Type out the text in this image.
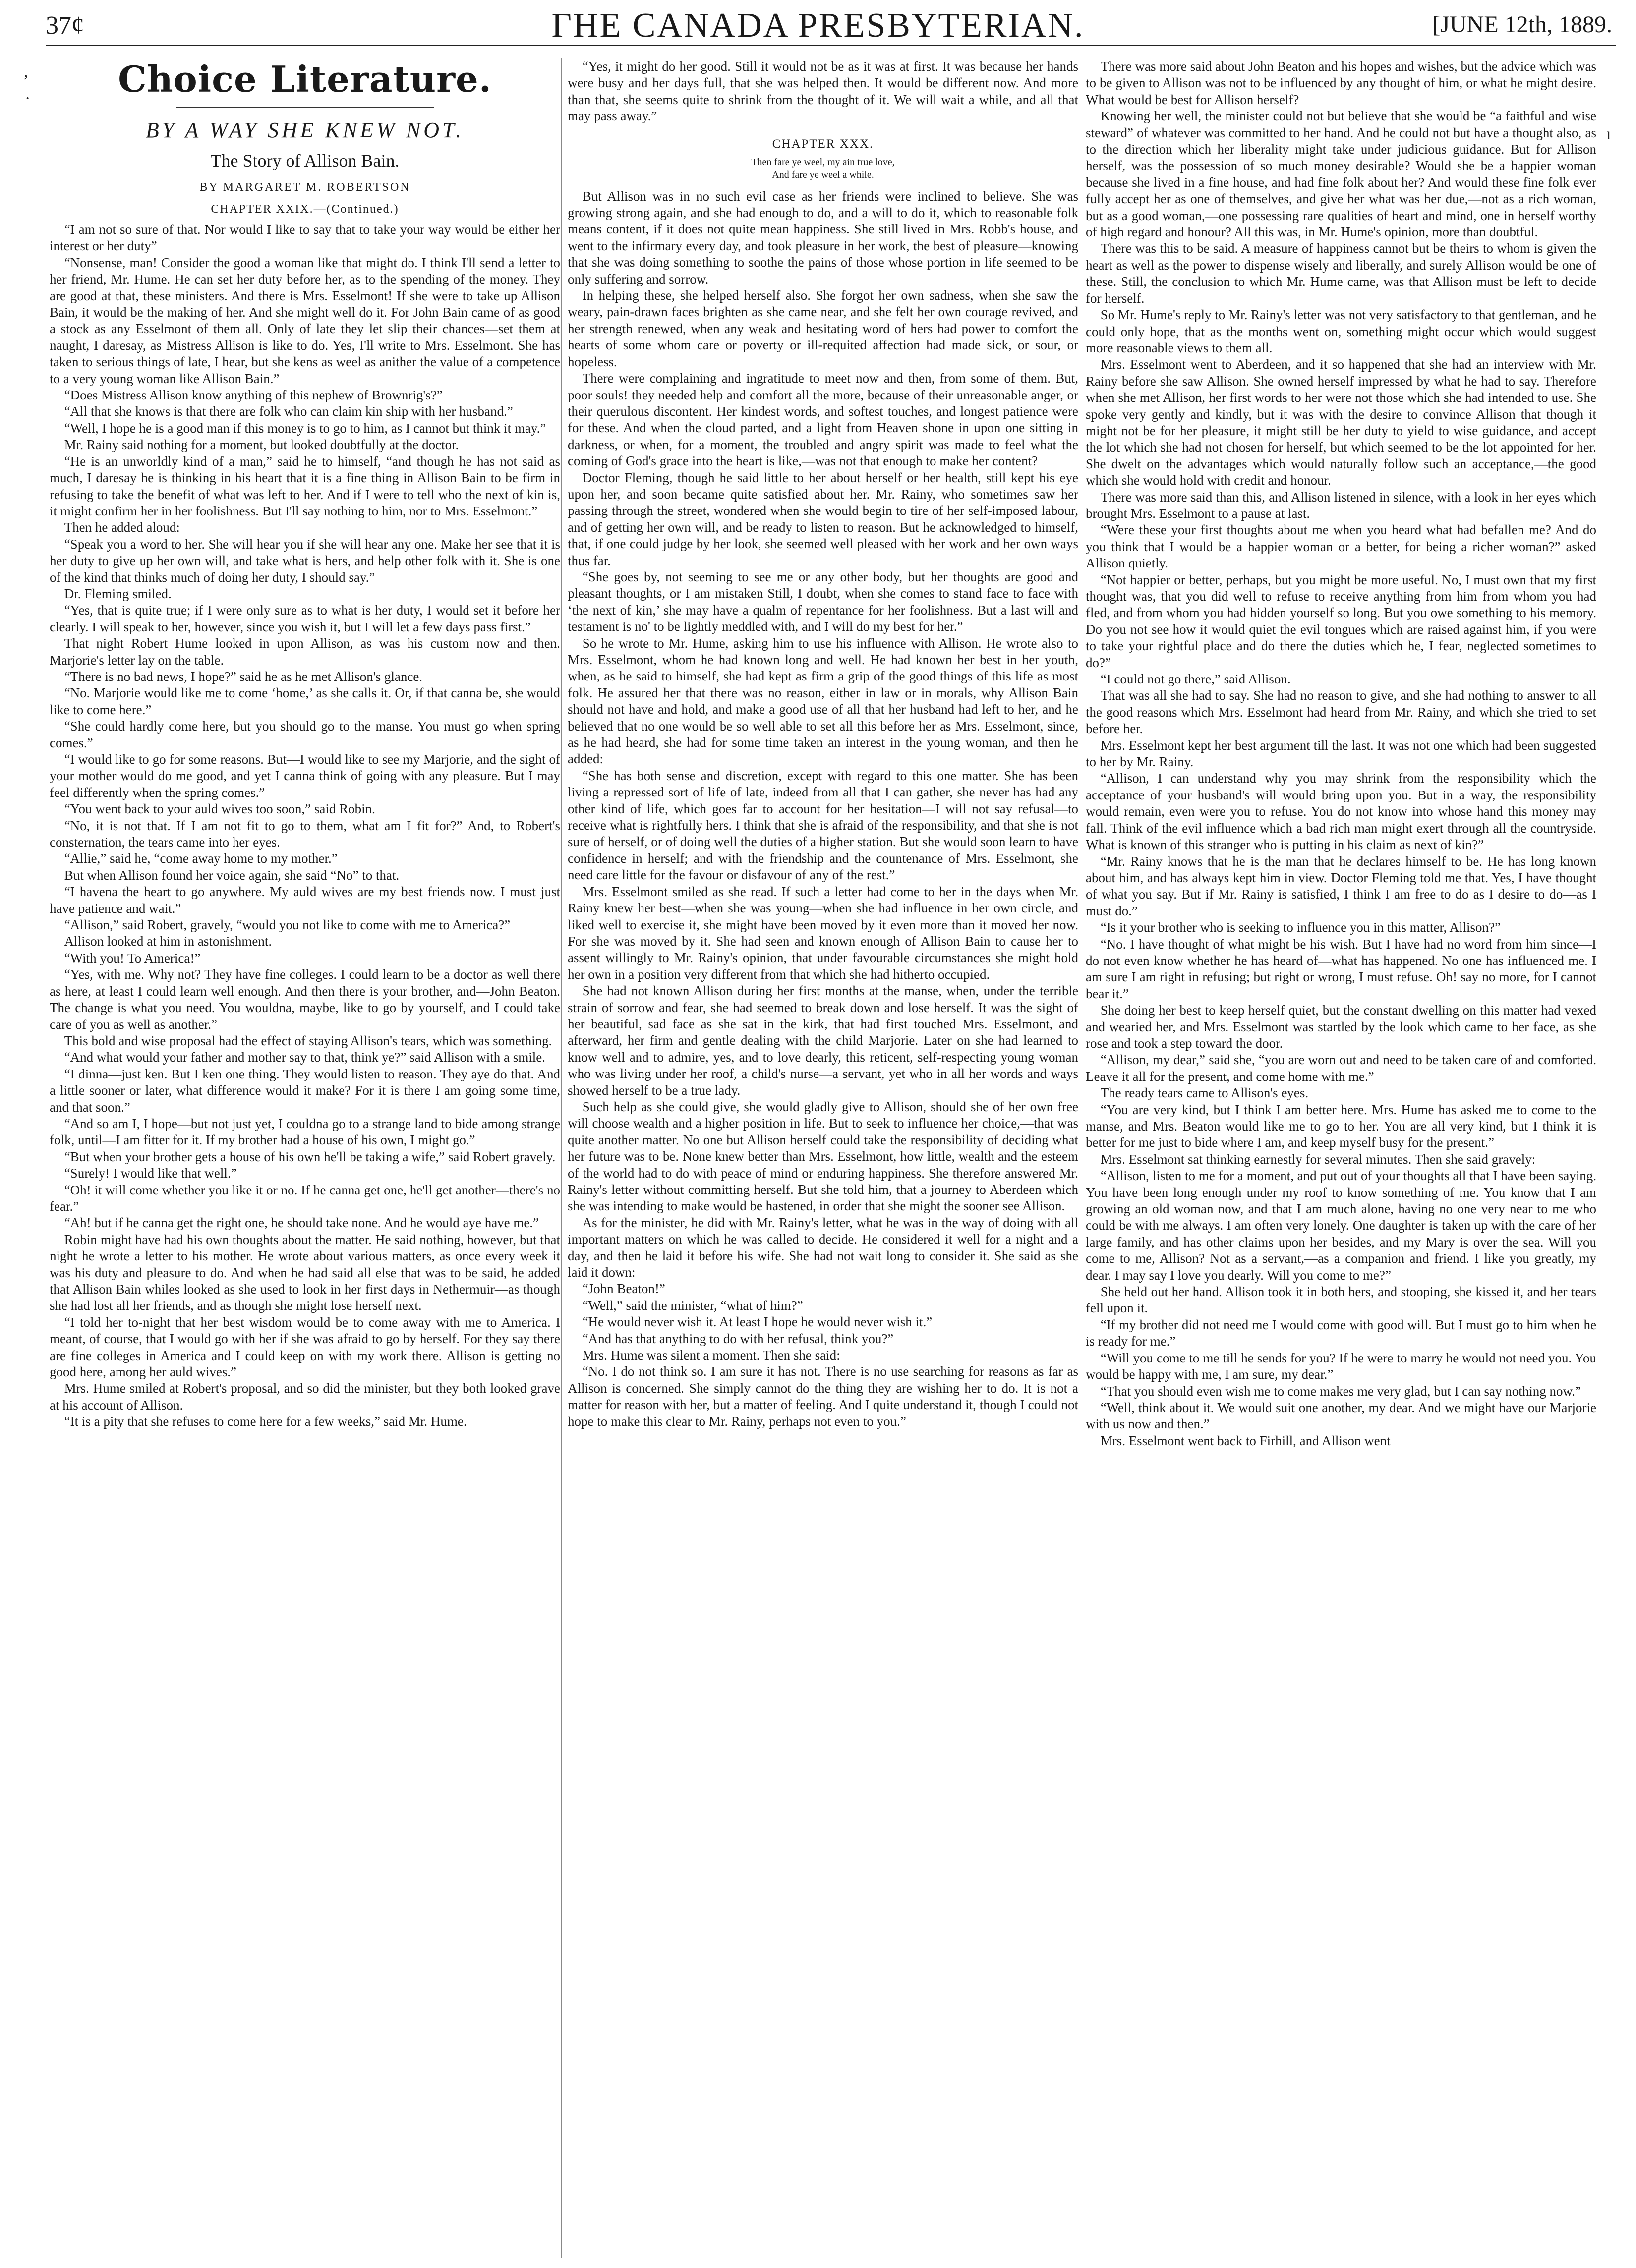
37¢	ГHE CANADA PRESBYTERIAN.	[JUNE 12th, 1889.
,
·
ı
Choice Literature.
BY A WAY SHE KNEW NOT.
The Story of Allison Bain.
BY MARGARET M. ROBERTSON
CHAPTER XXIX.—(Continued.)

“I am not so sure of that. Nor would I like to say that to take your way would be either her interest or her duty”

“Nonsense, man! Consider the good a woman like that might do. I think I'll send a letter to her friend, Mr. Hume. He can set her duty before her, as to the spending of the money. They are good at that, these ministers. And there is Mrs. Esselmont! If she were to take up Allison Bain, it would be the making of her. And she might well do it. For John Bain came of as good a stock as any Esselmont of them all. Only of late they let slip their chances—set them at naught, I daresay, as Mistress Allison is like to do. Yes, I'll write to Mrs. Esselmont. She has taken to serious things of late, I hear, but she kens as weel as anither the value of a competence to a very young woman like Allison Bain.”

“Does Mistress Allison know anything of this nephew of Brownrig's?”

“All that she knows is that there are folk who can claim kin ship with her husband.”

“Well, I hope he is a good man if this money is to go to him, as I cannot but think it may.”

Mr. Rainy said nothing for a moment, but looked doubtfully at the doctor.

“He is an unworldly kind of a man,” said he to himself, “and though he has not said as much, I daresay he is thinking in his heart that it is a fine thing in Allison Bain to be firm in refusing to take the benefit of what was left to her. And if I were to tell who the next of kin is, it might confirm her in her foolishness. But I'll say nothing to him, nor to Mrs. Esselmont.”

Then he added aloud:

“Speak you a word to her. She will hear you if she will hear any one. Make her see that it is her duty to give up her own will, and take what is hers, and help other folk with it. She is one of the kind that thinks much of doing her duty, I should say.”

Dr. Fleming smiled.

“Yes, that is quite true; if I were only sure as to what is her duty, I would set it before her clearly. I will speak to her, however, since you wish it, but I will let a few days pass first.”

That night Robert Hume looked in upon Allison, as was his custom now and then. Marjorie's letter lay on the table.

“There is no bad news, I hope?” said he as he met Allison's glance.

“No. Marjorie would like me to come ‘home,’ as she calls it. Or, if that canna be, she would like to come here.”

“She could hardly come here, but you should go to the manse. You must go when spring comes.”

“I would like to go for some reasons. But—I would like to see my Marjorie, and the sight of your mother would do me good, and yet I canna think of going with any pleasure. But I may feel differently when the spring comes.”

“You went back to your auld wives too soon,” said Robin.

“No, it is not that. If I am not fit to go to them, what am I fit for?” And, to Robert's consternation, the tears came into her eyes.

“Allie,” said he, “come away home to my mother.”

But when Allison found her voice again, she said “No” to that.

“I havena the heart to go anywhere. My auld wives are my best friends now. I must just have patience and wait.”

“Allison,” said Robert, gravely, “would you not like to come with me to America?”

Allison looked at him in astonishment.

“With you! To America!”

“Yes, with me. Why not? They have fine colleges. I could learn to be a doctor as well there as here, at least I could learn well enough. And then there is your brother, and—John Beaton. The change is what you need. You wouldna, maybe, like to go by yourself, and I could take care of you as well as another.”

This bold and wise proposal had the effect of staying Allison's tears, which was something.

“And what would your father and mother say to that, think ye?” said Allison with a smile.

“I dinna—just ken. But I ken one thing. They would listen to reason. They aye do that. And a little sooner or later, what difference would it make? For it is there I am going some time, and that soon.”

“And so am I, I hope—but not just yet, I couldna go to a strange land to bide among strange folk, until—I am fitter for it. If my brother had a house of his own, I might go.”

“But when your brother gets a house of his own he'll be taking a wife,” said Robert gravely.

“Surely! I would like that well.”

“Oh! it will come whether you like it or no. If he canna get one, he'll get another—there's no fear.”

“Ah! but if he canna get the right one, he should take none. And he would aye have me.”

Robin might have had his own thoughts about the matter. He said nothing, however, but that night he wrote a letter to his mother. He wrote about various matters, as once every week it was his duty and pleasure to do. And when he had said all else that was to be said, he added that Allison Bain whiles looked as she used to look in her first days in Nethermuir—as though she had lost all her friends, and as though she might lose herself next.

“I told her to-night that her best wisdom would be to come away with me to America. I meant, of course, that I would go with her if she was afraid to go by herself. For they say there are fine colleges in America and I could keep on with my work there. Allison is getting no good here, among her auld wives.”

Mrs. Hume smiled at Robert's proposal, and so did the minister, but they both looked grave at his account of Allison.

“It is a pity that she refuses to come here for a few weeks,” said Mr. Hume.

“Yes, it might do her good. Still it would not be as it was at first. It was because her hands were busy and her days full, that she was helped then. It would be different now. And more than that, she seems quite to shrink from the thought of it. We will wait a while, and all that may pass away.”

CHAPTER XXX.
Then fare ye weel, my ain true love,
And fare ye weel a while.

But Allison was in no such evil case as her friends were inclined to believe. She was growing strong again, and she had enough to do, and a will to do it, which to reasonable folk means content, if it does not quite mean happiness. She still lived in Mrs. Robb's house, and went to the infirmary every day, and took pleasure in her work, the best of pleasure—knowing that she was doing something to soothe the pains of those whose portion in life seemed to be only suffering and sorrow.

In helping these, she helped herself also. She forgot her own sadness, when she saw the weary, pain-drawn faces brighten as she came near, and she felt her own courage revived, and her strength renewed, when any weak and hesitating word of hers had power to comfort the hearts of some whom care or poverty or ill-requited affection had made sick, or sour, or hopeless.

There were complaining and ingratitude to meet now and then, from some of them. But, poor souls! they needed help and comfort all the more, because of their unreasonable anger, or their querulous discontent. Her kindest words, and softest touches, and longest patience were for these. And when the cloud parted, and a light from Heaven shone in upon one sitting in darkness, or when, for a moment, the troubled and angry spirit was made to feel what the coming of God's grace into the heart is like,—was not that enough to make her content?

Doctor Fleming, though he said little to her about herself or her health, still kept his eye upon her, and soon became quite satisfied about her. Mr. Rainy, who sometimes saw her passing through the street, wondered when she would begin to tire of her self-imposed labour, and of getting her own will, and be ready to listen to reason. But he acknowledged to himself, that, if one could judge by her look, she seemed well pleased with her work and her own ways thus far.

“She goes by, not seeming to see me or any other body, but her thoughts are good and pleasant thoughts, or I am mistaken Still, I doubt, when she comes to stand face to face with ‘the next of kin,’ she may have a qualm of repentance for her foolishness. But a last will and testament is no' to be lightly meddled with, and I will do my best for her.”

So he wrote to Mr. Hume, asking him to use his influence with Allison. He wrote also to Mrs. Esselmont, whom he had known long and well. He had known her best in her youth, when, as he said to himself, she had kept as firm a grip of the good things of this life as most folk. He assured her that there was no reason, either in law or in morals, why Allison Bain should not have and hold, and make a good use of all that her husband had left to her, and he believed that no one would be so well able to set all this before her as Mrs. Esselmont, since, as he had heard, she had for some time taken an interest in the young woman, and then he added:

“She has both sense and discretion, except with regard to this one matter. She has been living a repressed sort of life of late, indeed from all that I can gather, she never has had any other kind of life, which goes far to account for her hesitation—I will not say refusal—to receive what is rightfully hers. I think that she is afraid of the responsibility, and that she is not sure of herself, or of doing well the duties of a higher station. But she would soon learn to have confidence in herself; and with the friendship and the countenance of Mrs. Esselmont, she need care little for the favour or disfavour of any of the rest.”

Mrs. Esselmont smiled as she read. If such a letter had come to her in the days when Mr. Rainy knew her best—when she was young—when she had influence in her own circle, and liked well to exercise it, she might have been moved by it even more than it moved her now. For she was moved by it. She had seen and known enough of Allison Bain to cause her to assent willingly to Mr. Rainy's opinion, that under favourable circumstances she might hold her own in a position very different from that which she had hitherto occupied.

She had not known Allison during her first months at the manse, when, under the terrible strain of sorrow and fear, she had seemed to break down and lose herself. It was the sight of her beautiful, sad face as she sat in the kirk, that had first touched Mrs. Esselmont, and afterward, her firm and gentle dealing with the child Marjorie. Later on she had learned to know well and to admire, yes, and to love dearly, this reticent, self-respecting young woman who was living under her roof, a child's nurse—a servant, yet who in all her words and ways showed herself to be a true lady.

Such help as she could give, she would gladly give to Allison, should she of her own free will choose wealth and a higher position in life. But to seek to influence her choice,—that was quite another matter. No one but Allison herself could take the responsibility of deciding what her future was to be. None knew better than Mrs. Esselmont, how little, wealth and the esteem of the world had to do with peace of mind or enduring happiness. She therefore answered Mr. Rainy's letter without committing herself. But she told him, that a journey to Aberdeen which she was intending to make would be hastened, in order that she might the sooner see Allison.

As for the minister, he did with Mr. Rainy's letter, what he was in the way of doing with all important matters on which he was called to decide. He considered it well for a night and a day, and then he laid it before his wife. She had not wait long to consider it. She said as she laid it down:

“John Beaton!”

“Well,” said the minister, “what of him?”

“He would never wish it. At least I hope he would never wish it.”

“And has that anything to do with her refusal, think you?”

Mrs. Hume was silent a moment. Then she said:

“No. I do not think so. I am sure it has not. There is no use searching for reasons as far as Allison is concerned. She simply cannot do the thing they are wishing her to do. It is not a matter for reason with her, but a matter of feeling. And I quite understand it, though I could not hope to make this clear to Mr. Rainy, perhaps not even to you.”

There was more said about John Beaton and his hopes and wishes, but the advice which was to be given to Allison was not to be influenced by any thought of him, or what he might desire. What would be best for Allison herself?

Knowing her well, the minister could not but believe that she would be “a faithful and wise steward” of whatever was committed to her hand. And he could not but have a thought also, as to the direction which her liberality might take under judicious guidance. But for Allison herself, was the possession of so much money desirable? Would she be a happier woman because she lived in a fine house, and had fine folk about her? And would these fine folk ever fully accept her as one of themselves, and give her what was her due,—not as a rich woman, but as a good woman,—one possessing rare qualities of heart and mind, one in herself worthy of high regard and honour? All this was, in Mr. Hume's opinion, more than doubtful.

There was this to be said. A measure of happiness cannot but be theirs to whom is given the heart as well as the power to dispense wisely and liberally, and surely Allison would be one of these. Still, the conclusion to which Mr. Hume came, was that Allison must be left to decide for herself.

So Mr. Hume's reply to Mr. Rainy's letter was not very satisfactory to that gentleman, and he could only hope, that as the months went on, something might occur which would suggest more reasonable views to them all.

Mrs. Esselmont went to Aberdeen, and it so happened that she had an interview with Mr. Rainy before she saw Allison. She owned herself impressed by what he had to say. Therefore when she met Allison, her first words to her were not those which she had intended to use. She spoke very gently and kindly, but it was with the desire to convince Allison that though it might not be for her pleasure, it might still be her duty to yield to wise guidance, and accept the lot which she had not chosen for herself, but which seemed to be the lot appointed for her. She dwelt on the advantages which would naturally follow such an acceptance,—the good which she would hold with credit and honour.

There was more said than this, and Allison listened in silence, with a look in her eyes which brought Mrs. Esselmont to a pause at last.

“Were these your first thoughts about me when you heard what had befallen me? And do you think that I would be a happier woman or a better, for being a richer woman?” asked Allison quietly.

“Not happier or better, perhaps, but you might be more useful. No, I must own that my first thought was, that you did well to refuse to receive anything from him from whom you had fled, and from whom you had hidden yourself so long. But you owe something to his memory. Do you not see how it would quiet the evil tongues which are raised against him, if you were to take your rightful place and do there the duties which he, I fear, neglected sometimes to do?”

“I could not go there,” said Allison.

That was all she had to say. She had no reason to give, and she had nothing to answer to all the good reasons which Mrs. Esselmont had heard from Mr. Rainy, and which she tried to set before her.

Mrs. Esselmont kept her best argument till the last. It was not one which had been suggested to her by Mr. Rainy.

“Allison, I can understand why you may shrink from the responsibility which the acceptance of your husband's will would bring upon you. But in a way, the responsibility would remain, even were you to refuse. You do not know into whose hand this money may fall. Think of the evil influence which a bad rich man might exert through all the countryside. What is known of this stranger who is putting in his claim as next of kin?”

“Mr. Rainy knows that he is the man that he declares himself to be. He has long known about him, and has always kept him in view. Doctor Fleming told me that. Yes, I have thought of what you say. But if Mr. Rainy is satisfied, I think I am free to do as I desire to do—as I must do.”

“Is it your brother who is seeking to influence you in this matter, Allison?”

“No. I have thought of what might be his wish. But I have had no word from him since—I do not even know whether he has heard of—what has happened. No one has influenced me. I am sure I am right in refusing; but right or wrong, I must refuse. Oh! say no more, for I cannot bear it.”

She doing her best to keep herself quiet, but the constant dwelling on this matter had vexed and wearied her, and Mrs. Esselmont was startled by the look which came to her face, as she rose and took a step toward the door.

“Allison, my dear,” said she, “you are worn out and need to be taken care of and comforted. Leave it all for the present, and come home with me.”

The ready tears came to Allison's eyes.

“You are very kind, but I think I am better here. Mrs. Hume has asked me to come to the manse, and Mrs. Beaton would like me to go to her. You are all very kind, but I think it is better for me just to bide where I am, and keep myself busy for the present.”

Mrs. Esselmont sat thinking earnestly for several minutes. Then she said gravely:

“Allison, listen to me for a moment, and put out of your thoughts all that I have been saying. You have been long enough under my roof to know something of me. You know that I am growing an old woman now, and that I am much alone, having no one very near to me who could be with me always. I am often very lonely. One daughter is taken up with the care of her large family, and has other claims upon her besides, and my Mary is over the sea. Will you come to me, Allison? Not as a servant,—as a companion and friend. I like you greatly, my dear. I may say I love you dearly. Will you come to me?”

She held out her hand. Allison took it in both hers, and stooping, she kissed it, and her tears fell upon it.

“If my brother did not need me I would come with good will. But I must go to him when he is ready for me.”

“Will you come to me till he sends for you? If he were to marry he would not need you. You would be happy with me, I am sure, my dear.”

“That you should even wish me to come makes me very glad, but I can say nothing now.”

“Well, think about it. We would suit one another, my dear. And we might have our Marjorie with us now and then.”

Mrs. Esselmont went back to Firhill, and Allison went
